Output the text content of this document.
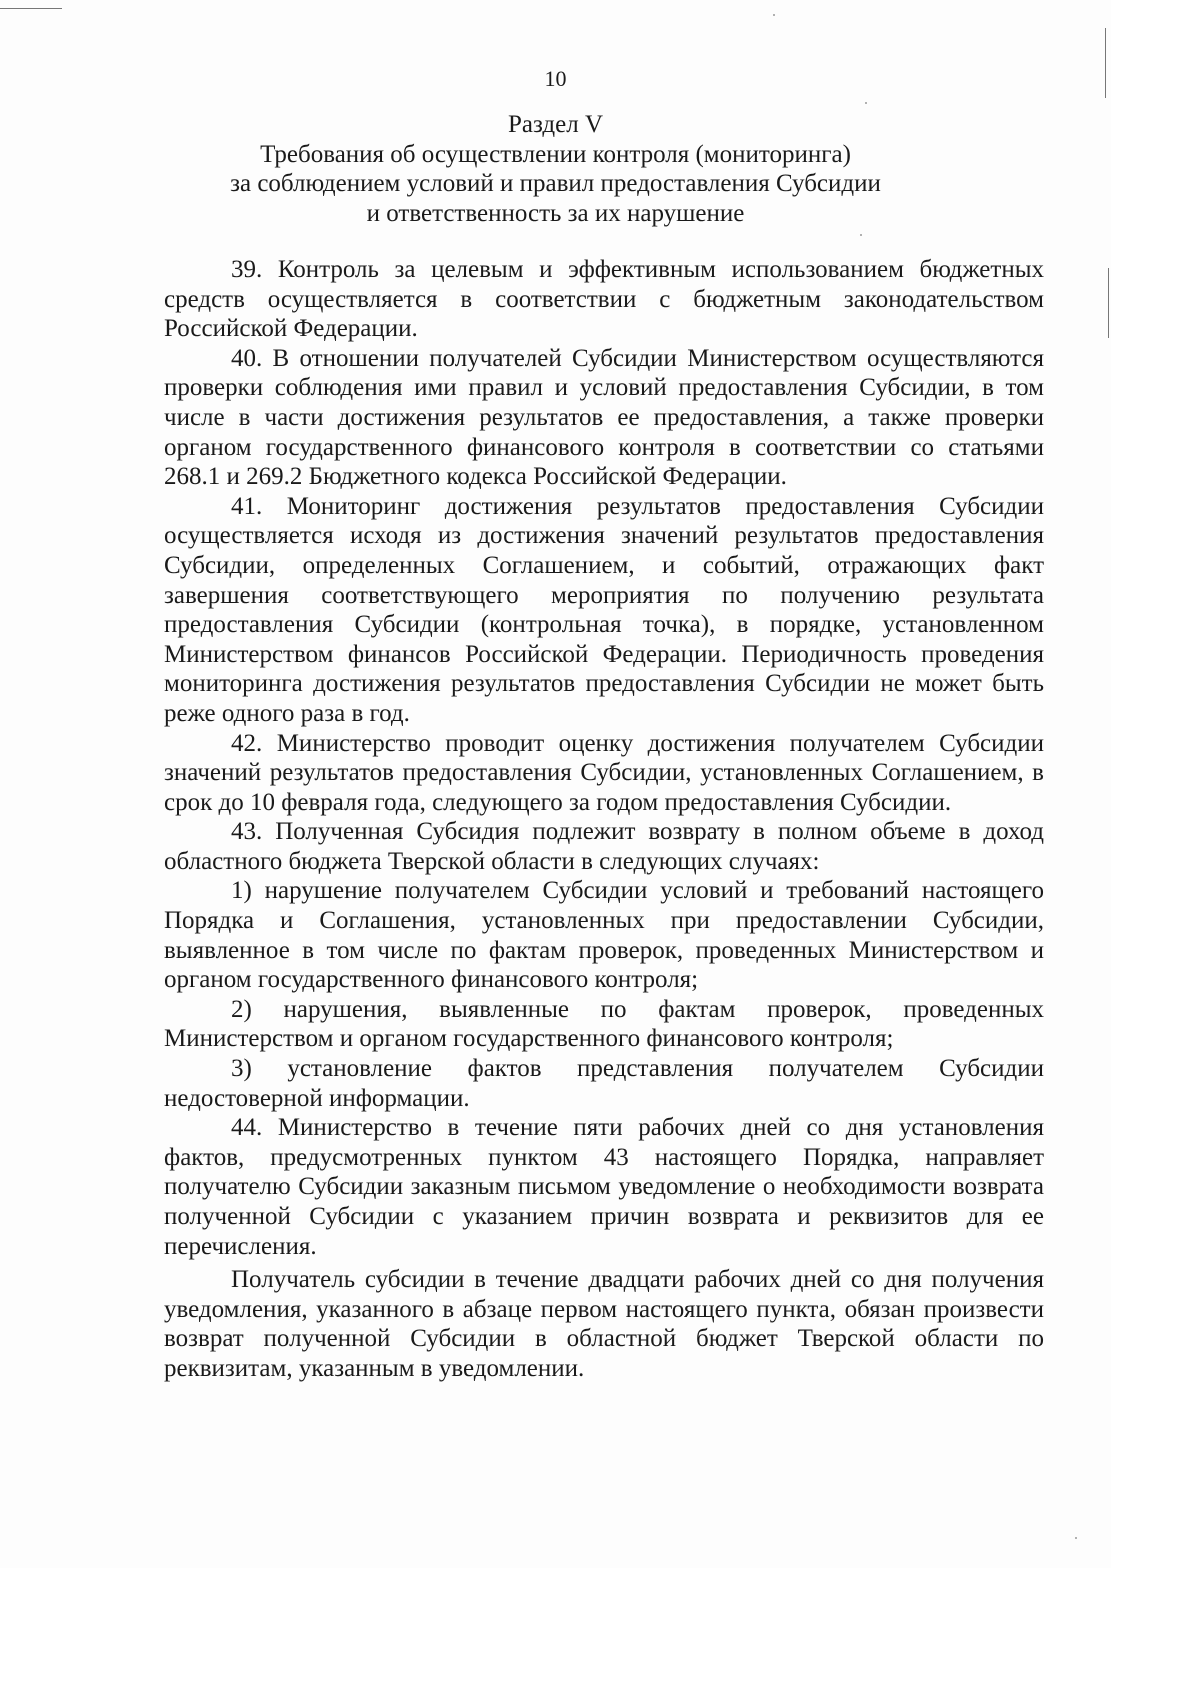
10
Раздел V
Требования об осуществлении контроля (мониторинга)
за соблюдением условий и правил предоставления Субсидии
и ответственность за их нарушение

39. Контроль за целевым и эффективным использованием бюджетных средств осуществляется в соответствии с бюджетным законодательством Российской Федерации.

40. В отношении получателей Субсидии Министерством осуществляются проверки соблюдения ими правил и условий предоставления Субсидии, в том числе в части достижения результатов ее предоставления, а также проверки органом государственного финансового контроля в соответствии со статьями 268.1 и 269.2 Бюджетного кодекса Российской Федерации.

41. Мониторинг достижения результатов предоставления Субсидии осуществляется исходя из достижения значений результатов предоставления Субсидии, определенных Соглашением, и событий, отражающих факт завершения соответствующего мероприятия по получению результата предоставления Субсидии (контрольная точка), в порядке, установленном Министерством финансов Российской Федерации. Периодичность проведения мониторинга достижения результатов предоставления Субсидии не может быть реже одного раза в год.

42. Министерство проводит оценку достижения получателем Субсидии значений результатов предоставления Субсидии, установленных Соглашением, в срок до 10 февраля года, следующего за годом предоставления Субсидии.

43. Полученная Субсидия подлежит возврату в полном объеме в доход областного бюджета Тверской области в следующих случаях:

1) нарушение получателем Субсидии условий и требований настоящего Порядка и Соглашения, установленных при предоставлении Субсидии, выявленное в том числе по фактам проверок, проведенных Министерством и органом государственного финансового контроля;

2) нарушения, выявленные по фактам проверок, проведенных Министерством и органом государственного финансового контроля;

3) установление фактов представления получателем Субсидии недостоверной информации.

44. Министерство в течение пяти рабочих дней со дня установления фактов, предусмотренных пунктом 43 настоящего Порядка, направляет получателю Субсидии заказным письмом уведомление о необходимости возврата полученной Субсидии с указанием причин возврата и реквизитов для ее перечисления.

Получатель субсидии в течение двадцати рабочих дней со дня получения уведомления, указанного в абзаце первом настоящего пункта, обязан произвести возврат полученной Субсидии в областной бюджет Тверской области по реквизитам, указанным в уведомлении.
